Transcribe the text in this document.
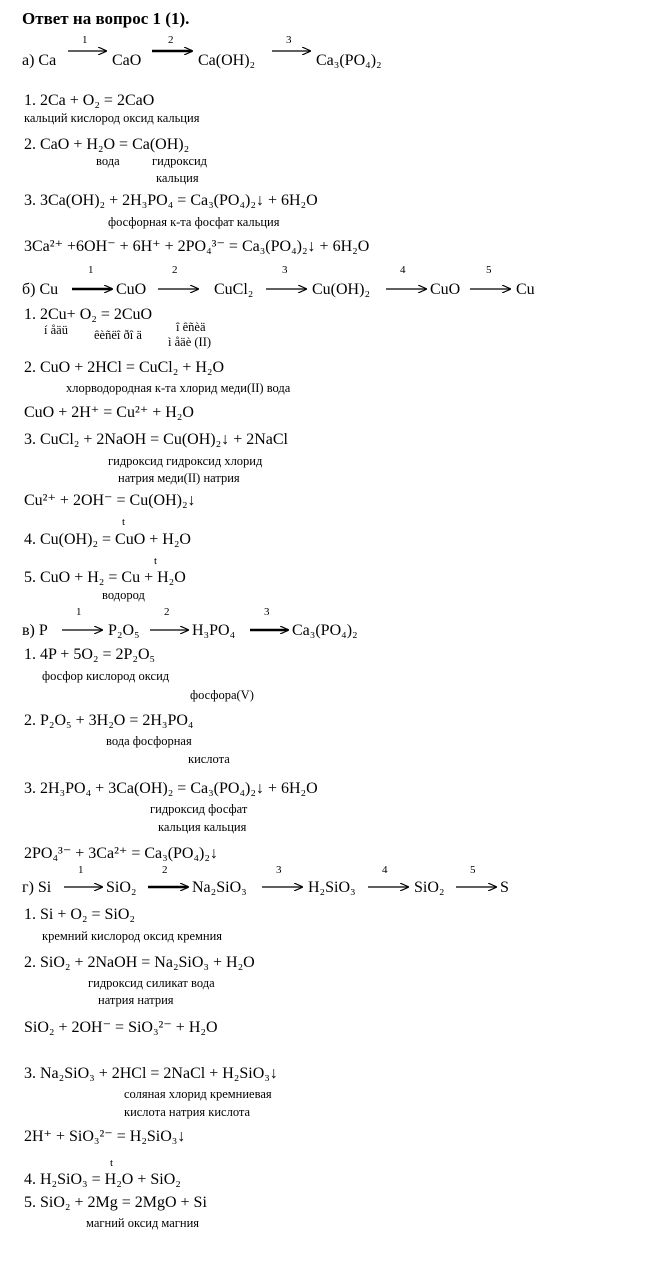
Ответ на вопрос 1 (1).
а) Ca	CaO	Ca(OH)₂	Ca₃(PO₄)₂
1. 2Ca + O₂ = 2CaO
2. CaO + H₂O = Ca(OH)₂
3. 3Ca(OH)₂ + 2H₃PO₄ = Ca₃(PO₄)₂↓ + 6H₂O
3Ca²⁺ +6OH⁻ + 6H⁺ + 2PO₄³⁻ = Ca₃(PO₄)₂↓ + 6H₂O
б) Cu	CuO	CuCl₂	Cu(OH)₂	CuO	Cu
1. 2Cu+ O₂ = 2CuO
2. CuO + 2HCl = CuCl₂ + H₂O
CuO + 2H⁺ = Cu²⁺ + H₂O
3. CuCl₂ + 2NaOH = Cu(OH)₂↓ + 2NaCl
Cu²⁺ + 2OH⁻ = Cu(OH)₂↓
4. Cu(OH)₂ = CuO + H₂O
5. CuO + H₂ = Cu + H₂O
в) P	P₂O₅	H₃PO₄	Ca₃(PO₄)₂
1. 4P + 5O₂ = 2P₂O₅
2. P₂O₅ + 3H₂O = 2H₃PO₄
3. 2H₃PO₄ + 3Ca(OH)₂ = Ca₃(PO₄)₂↓ + 6H₂O
2PO₄³⁻ + 3Ca²⁺ = Ca₃(PO₄)₂↓
г) Si	SiO₂	Na₂SiO₃	H₂SiO₃	SiO₂	S
1. Si + O₂ = SiO₂
2. SiO₂ + 2NaOH = Na₂SiO₃ + H₂O
SiO₂ + 2OH⁻ = SiO₃²⁻ + H₂O
3. Na₂SiO₃ + 2HCl = 2NaCl + H₂SiO₃↓
2H⁺ + SiO₃²⁻ = H₂SiO₃↓
4. H₂SiO₃ = H₂O + SiO₂
5. SiO₂ + 2Mg = 2MgO + Si
кальций кислород оксид кальция
вода	гидроксид
кальция
фосфорная к-та фосфат кальция
í åäü êèñëî ðî ä
î êñèä
ì åäè (II)
хлорводородная к-та хлорид меди(II) вода
гидроксид гидроксид хлорид
натрия меди(II) натрия
водород
фосфор кислород оксид
фосфора(V)
вода фосфорная
кислота
гидроксид фосфат
кальция кальция
кремний кислород оксид кремния
гидроксид силикат вода
натрия натрия
соляная хлорид кремниевая
кислота натрия кислота
магний оксид магния
1	2	3
1	2	3	4	5
t
t
1	2	3
1	2	3	4	5
t
